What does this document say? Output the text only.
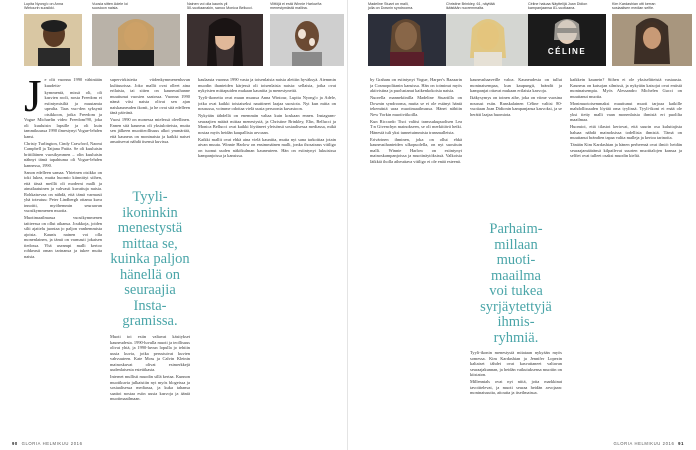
Lupita Nyong'o on Anna
Wintourin suosikki.
Vuosia sitten Adele loi
suosioon naisia.
Nainen voi olla kaunis yli
50-vuotiaanakin, sanoo Monica Bellucci.
Viittöjä ei estä Winnie Harlow'ta
menestymästä mallina.
J e olit vuonna 1990 vähintään kuudetta-

kymmentä, missä oli, oli kasvien rooli, nosta Freedom ei esiintymisiltä ja muutamia upealta. Taas vuo-den syksynä otsikkoon, jotka Freedom ja Vogue Michaelin video Freedom!90, joka oli kuuluisin lapsille ja oli kuin tammikuussa 1990 ilmestynyt Vogue-lehden kansi.

Christy Turlington, Cindy Crawford, Naomi Campbell ja Tatjana Patitz. Se oli kuuluisin brittiläinen vuosikymmen – olin kuuluisin nähnyt tämä tapahtuma oli Vogue-lehden kannessa, 1990.

Sanon edelleen samaa. Yhteinen otsikko on toki lukea, mutta huomio kiinnittyi siihen, että tässä meillä oli moderni malli ja ainutlaatuinen ja vahvasti kuvattuja naisia. Rohkaisevaa on nähdä, että tämä varmasti yhä toteutuu: Peter Lindbergh ottama kuva innoitti, myöhemmin seuraavan vuosikymmenen muotia.

Muotimaailmassa vuosikymmenen taitteessa on ollut aikansa. Joukkoja, joiden silti ajattelu juontaa jo paljon vanhemmista ajoista. Kaunis nainen voi olla monenlainen, ja tämä on varmasti jokaisen tiedossa. Yhä useampi malli kertoo rohkeasti oman tarinansa ja tukee muita naisia.

Tyyli-
ikoninkin
menestystä
mittaa se,
kuinka paljon
hänellä on
seuraajia
Insta-
gramissa.

supervirkistetta viidenkymmenenluvun kulttuurissa. Joko mallit ovat olleet aina erilaisia, tai sitten on kauneusihanne muuttunut vuosien saatossa. Vuonna 1990 nämä viisi naista olivat sen ajan naiskauneuden ikonit, ja he ovat sitä edelleen tänä päivänä.

Vuosi 1990 on monessa mielessä oleellinen. Ennen sitä kauneus oli yksiulotteista, mutta sen jälkeen muotiteollisuus alkoi ymmärtää, että kauneus on moninaista ja kaikki naiset ansaitsevat nähdä itsensä kuvissa.

Muoti toi esiin valtavat käsitykset kauneudesta. 1990-luvulla muoti ja teollisuus olivat yhtä, ja 1990-luvun lopulla jo tehtiin uusia kuvia, jotka perustuivat kuvien vahvuuteen. Kate Moss ja Calvin Kleinin mainoskuvat olivat esimerkkejä uudenlaisesta estetiikasta.

Internet mullisti muodin sillä kertaa. Kunnon muotikuvia julkaistiin nyt myös blogeissa ja sosiaalisessa mediassa, ja kuka tahansa saattoi nostaa esiin uusia kasvoja ja ääniä muotimaailmaan.

kaulaasta vuonna 1990 vasta ja toisenlaisia naisia alettiin hyväksyä. Aiemmin muodin ihanteiden kärjessä oli toisenlaisia naisia: sellaisia, jotka ovat nykyisten mittapuiden mukaan kauniita ja menestyneitä.

Tyyli-ikoneita ovat muun muassa Anna Wintour, Lupita Nyong'o ja Adele, jotka ovat kaikki toistaiseksi nauttineet laajaa suosiota. Nyt kun mitta on nousussa, voimme odottaa vielä uusia persoonia kuvastoon.

Nykyään tähdellä on enemmän valtaa kuin koskaan ennen. Instagram-seuraajien määrä mittaa menestystä, ja Christine Brinkley, Elin, Bellucci ja Monica Bellucci ovat kaikki löytäneet yleisönsä sosiaalisessa mediassa, mikä nostaa myös heidän kaupallista arvoaan.

Kaikki mallit ovat ehkä aina vielä kauniita, mutta nyt sana tarkoittaa jotain aivan muuta. Winnie Harlow on ensimmäinen malli, jonka ihosairaus vitiligo on tuonut uuden näkökulman kauneuteen. Hän on esiintynyt lukuisissa kampanjoissa ja kansissa.

90 GLORIA HELMIKUU 2016
Madeline Stuart on malli,
jolla on Downin syndrooma.
Christine Brinkley, 61, näyttää
ikäistään nuoremmalta.
Céline haluaa Näyttelijä Joan Didion
kampanjaansa 81-vuotiaana.
CÉLINE
Kim Kardashian otti kerran
sosiaalisen median selfie.

by Graham on esiintynyt Vogue, Harper's Bazaarin ja Cosmopolitanin kansissa. Hän on toiminut myös aktivistina ja puolustanut kaikenkokoisia naisia.

Nuorella mannekiinilla Madeline Stuartilla on Downin syndrooma, mutta se ei ole estänyt häntä tekemästä uraa muotimaailmassa. Hänet nähtiin New Yorkin muotiviikoilla.

Kun Riccardo Tisci valitsi transsukupuolisen Lea T:n Givenchyn mainokseen, se oli merkittävä hetki. Hänestä tuli yksi tunnetuimmista transmalleista.

Erivärinen ihminen, joka on ollut ehkä kauneusihanteiden ulkopuolella, on nyt suosituin malli. Winnie Harlow on esiintynyt mainoskampanjoissa ja muotinäytöksissä. Valkoisia läikkiä iholla aiheuttava vitiligo ei ole enää esteenä.

kauneushaaveille valoa. Kauneudesta on tullut moninaisempaa, kun kaupungit, brändit ja kampanjat ottavat mukaan erilaisia kasvoja.

Ikäkysymys on toinen aihe, joka on viime vuosina noussut esiin. Ranskalainen Céline valitsi 80-vuotiaan Joan Didionin kampanjansa kasvoksi, ja se herätti laajaa huomiota.

Parhaim-
millaan
muoti-
maailma
voi tukea
syrjäytettyjä
ihmis-
ryhmiä.

Tyyli-ikonin menestystä mitataan nykyään myös somessa. Kim Kardashian ja Jennifer Lopezin kaltaiset tähdet ovat kasvattaneet valtavan seuraajakunnan, ja heidän vaikutuksensa muotiin on kiistaton.

Millennials ovat nyt niitä, joita markkinat tavoittelevat, ja muoti seuraa heidän arvojaan: moninaisuutta, aitoutta ja itseilmaisua.

kaikkein kaunein? Siihen ei ole yksiselitteistä vastausta. Kauneus on katsojan silmissä, ja nykyään katsojat ovat entistä moninaisempia. Myös Alessandro Michelen Gucci on muuttanut muotia.

Monimuotoisemmaksi muuttunut muoti tarjoaa kaikille mahdollisuuden löytää oma tyylinsä. Tyyli-ikoni ei enää ole yksi tietty malli vaan monenlaisia ihmisiä eri puolilta maailmaa.

Huomioi, että tilastot kertovat, että suurin osa kuluttajista haluaa nähdä mainoksissa todellisia ihmisiä. Tämä on muuttanut brändien tapaa valita malleja ja kertoa tarinoita.

Tänään Kim Kardashian ja hänen perheensä ovat ilmiö: heidän seuraajamääränsä kilpailevat suurten muotitalojen kanssa ja selfiet ovat tulleet osaksi muodin kieltä.

GLORIA HELMIKUU 2016 91
